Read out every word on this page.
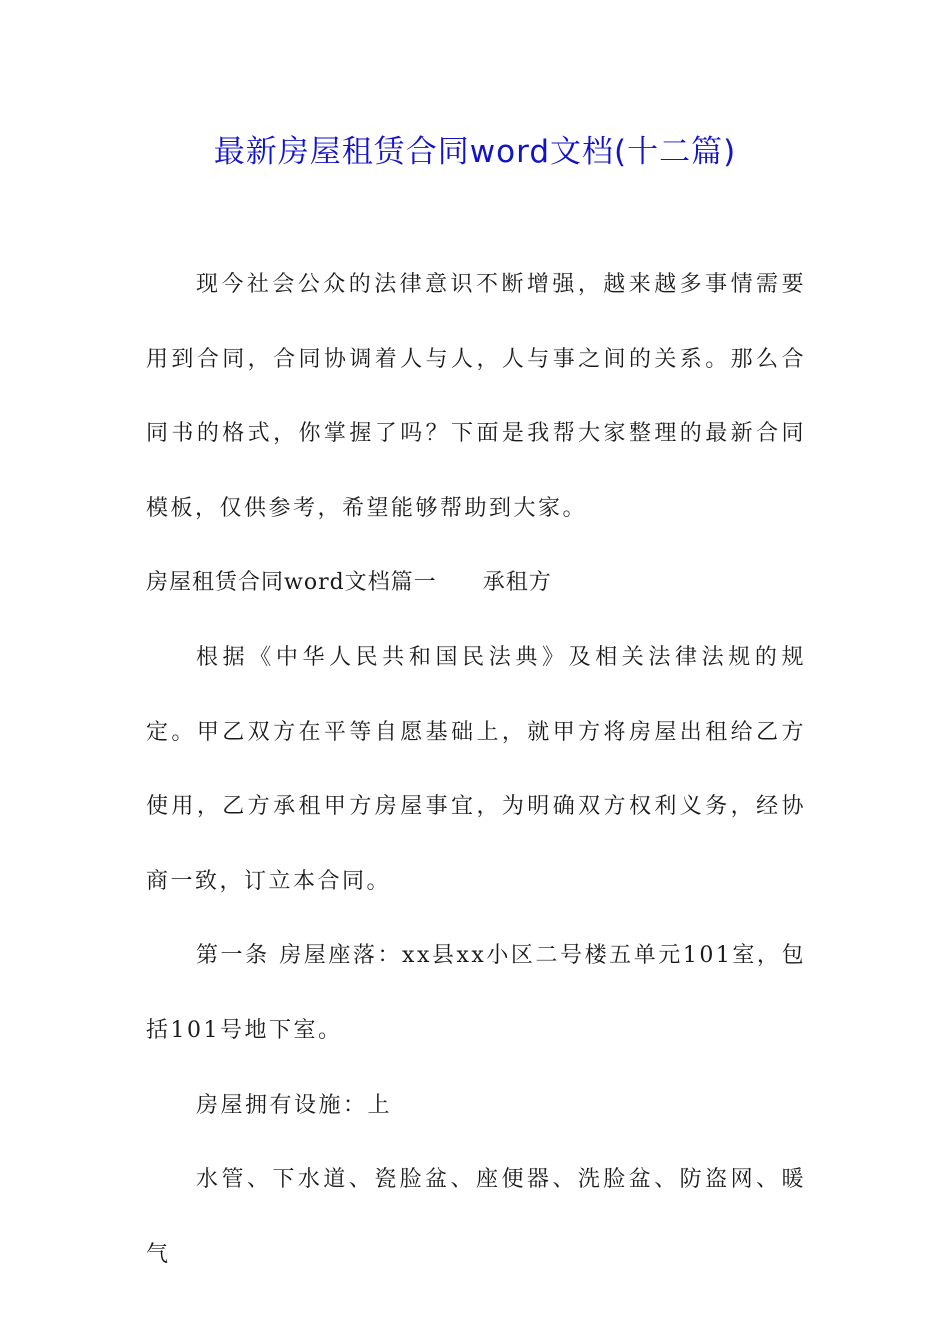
最新房屋租赁合同word文档(十二篇)

现今社会公众的法律意识不断增强，越来越多事情需要用到合同，合同协调着人与人，人与事之间的关系。那么合同书的格式，你掌握了吗？下面是我帮大家整理的最新合同模板，仅供参考，希望能够帮助到大家。

房屋租赁合同word文档篇一 承租方

根据《中华人民共和国民法典》及相关法律法规的规定。甲乙双方在平等自愿基础上，就甲方将房屋出租给乙方使用，乙方承租甲方房屋事宜，为明确双方权利义务，经协商一致，订立本合同。

第一条 房屋座落：xx县xx小区二号楼五单元101室，包括101号地下室。

房屋拥有设施：上

水管、下水道、瓷脸盆、座便器、洗脸盆、防盗网、暖气
